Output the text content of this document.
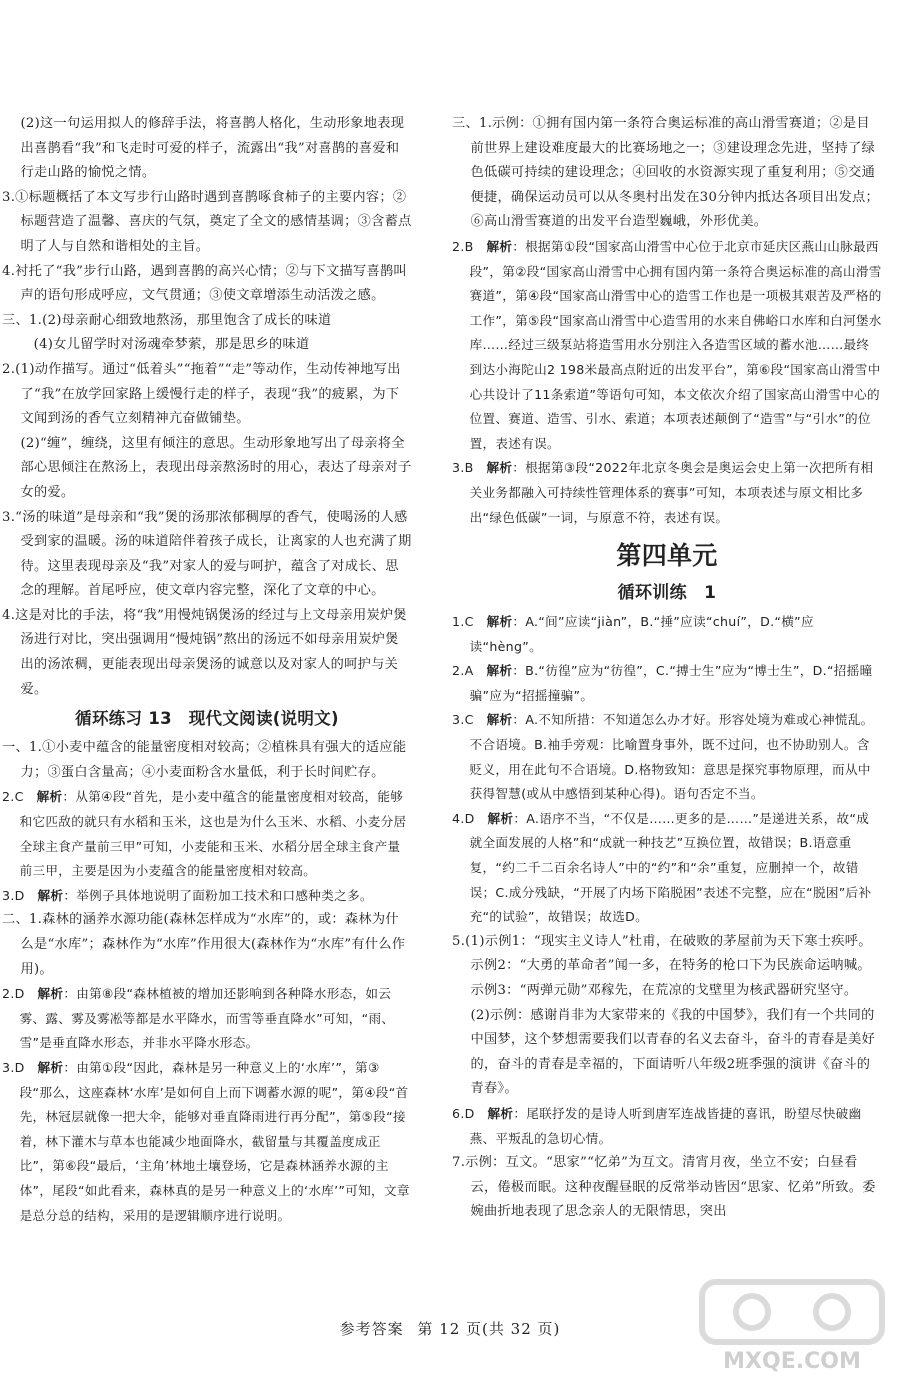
(2)这一句运用拟人的修辞手法，将喜鹊人格化，生动形象地表现出喜鹊看“我”和飞走时可爱的样子，流露出“我”对喜鹊的喜爱和行走山路的愉悦之情。

3.①标题概括了本文写步行山路时遇到喜鹊啄食柿子的主要内容；②标题营造了温馨、喜庆的气氛，奠定了全文的感情基调；③含蓄点明了人与自然和谐相处的主旨。

4.衬托了“我”步行山路，遇到喜鹊的高兴心情；②与下文描写喜鹊叫声的语句形成呼应，文气贯通；③使文章增添生动活泼之感。

三、1.(2)母亲耐心细致地熬汤，那里饱含了成长的味道

(4)女儿留学时对汤魂牵梦萦，那是思乡的味道

2.(1)动作描写。通过“低着头”“拖着”“走”等动作，生动传神地写出了“我”在放学回家路上缓慢行走的样子，表现“我”的疲累，为下文闻到汤的香气立刻精神亢奋做铺垫。

(2)“缠”，缠绕，这里有倾注的意思。生动形象地写出了母亲将全部心思倾注在熬汤上，表现出母亲熬汤时的用心，表达了母亲对子女的爱。

3.“汤的味道”是母亲和“我”煲的汤那浓郁稠厚的香气，使喝汤的人感受到家的温暖。汤的味道陪伴着孩子成长，让离家的人也充满了期待。这里表现母亲及“我”对家人的爱与呵护，蕴含了对成长、思念的理解。首尾呼应，使文章内容完整，深化了文章的中心。

4.这是对比的手法，将“我”用慢炖锅煲汤的经过与上文母亲用炭炉煲汤进行对比，突出强调用“慢炖锅”熬出的汤远不如母亲用炭炉煲出的汤浓稠，更能表现出母亲煲汤的诚意以及对家人的呵护与关爱。

循环练习 13　现代文阅读(说明文)

一、1.①小麦中蕴含的能量密度相对较高；②植株具有强大的适应能力；③蛋白含量高；④小麦面粉含水量低，利于长时间贮存。

2.C　 解析：从第④段“首先，是小麦中蕴含的能量密度相对较高，能够和它匹敌的就只有水稻和玉米，这也是为什么玉米、水稻、小麦分居全球主食产量前三甲”可知，小麦能和玉米、水稻分居全球主食产量前三甲，主要是因为小麦蕴含的能量密度相对较高。

3.D　 解析：举例子具体地说明了面粉加工技术和口感种类之多。

二、1.森林的涵养水源功能(森林怎样成为“水库”的，或：森林为什么是“水库”；森林作为“水库”作用很大(森林作为“水库”有什么作用)。

2.D　 解析：由第⑧段“森林植被的增加还影响到各种降水形态，如云雾、露、雾及雾凇等都是水平降水，而雪等垂直降水”可知，“雨、雪”是垂直降水形态，并非水平降水形态。

3.D　 解析：由第①段“因此，森林是另一种意义上的‘水库’”，第③段“那么，这座森林‘水库’是如何自上而下调蓄水源的呢”，第④段“首先，林冠层就像一把大伞，能够对垂直降雨进行再分配”，第⑤段“接着，林下灌木与草本也能减少地面降水，截留量与其覆盖度成正比”，第⑥段“最后，‘主角’林地土壤登场，它是森林涵养水源的主体”，尾段“如此看来，森林真的是另一种意义上的‘水库’”可知，文章是总分总的结构，采用的是逻辑顺序进行说明。

三、1.示例：①拥有国内第一条符合奥运标准的高山滑雪赛道；②是目前世界上建设难度最大的比赛场地之一；③建设理念先进，坚持了绿色低碳可持续的建设理念；④回收的水资源实现了重复利用；⑤交通便捷，确保运动员可以从冬奥村出发在30分钟内抵达各项目出发点；⑥高山滑雪赛道的出发平台造型巍峨，外形优美。

2.B　 解析：根据第①段“国家高山滑雪中心位于北京市延庆区燕山山脉最西段”，第②段“国家高山滑雪中心拥有国内第一条符合奥运标准的高山滑雪赛道”，第④段“国家高山滑雪中心的造雪工作也是一项极其艰苦及严格的工作”，第⑤段“国家高山滑雪中心造雪用的水来自佛峪口水库和白河堡水库……经过三级泵站将造雪用水分别注入各造雪区域的蓄水池……最终到达小海陀山2 198米最高点附近的出发平台”，第⑥段“国家高山滑雪中心共设计了11条索道”等语句可知，本文依次介绍了国家高山滑雪中心的位置、赛道、造雪、引水、索道；本项表述颠倒了“造雪”与“引水”的位置，表述有误。

3.B　 解析：根据第③段“2022年北京冬奥会是奥运会史上第一次把所有相关业务都融入可持续性管理体系的赛事”可知，本项表述与原文相比多出“绿色低碳”一词，与原意不符，表述有误。

第四单元
循环训练　1

1.C　 解析：A.“间”应读“jiàn”，B.“捶”应读“chuí”，D.“横”应读“hèng”。

2.A　 解析：B.“彷徨”应为“彷徨”，C.“搏士生”应为“博士生”，D.“招摇曈骗”应为“招摇撞骗”。

3.C　 解析：A.不知所措：不知道怎么办才好。形容处境为难或心神慌乱。不合语境。B.袖手旁观：比喻置身事外，既不过问，也不协助别人。含贬义，用在此句不合语境。D.格物致知：意思是探究事物原理，而从中获得智慧(或从中感悟到某种心得)。语句否定不当。

4.D　 解析：A.语序不当，“不仅是……更多的是……”是递进关系，故“成就全面发展的人格”和“成就一种技艺”互换位置，故错误；B.语意重复，“约二千二百余名诗人”中的“约”和“余”重复，应删掉一个，故错误；C.成分残缺，“开展了内场下陷脱困”表述不完整，应在“脱困”后补充“的试验”，故错误；故选D。

5.(1)示例1：“现实主义诗人”杜甫，在破败的茅屋前为天下寒士疾呼。示例2：“大勇的革命者”闻一多，在特务的枪口下为民族命运呐喊。示例3：“两弹元勋”邓稼先，在荒凉的戈壁里为核武器研究坚守。

(2)示例：感谢肖非为大家带来的《我的中国梦》，我们有一个共同的中国梦，这个梦想需要我们以青春的名义去奋斗，奋斗的青春是美好的，奋斗的青春是幸福的，下面请听八年级2班季强的演讲《奋斗的青春》。

6.D　 解析：尾联抒发的是诗人听到唐军连战皆捷的喜讯，盼望尽快破幽燕、平叛乱的急切心情。

7.示例：互文。“思家”“忆弟”为互文。清宵月夜，坐立不安；白昼看云，倦极而眠。这种夜醒昼眠的反常举动皆因“思家、忆弟”所致。委婉曲折地表现了思念亲人的无限情思，突出

参考答案 第 12 页(共 32 页)
MXQE.COM
